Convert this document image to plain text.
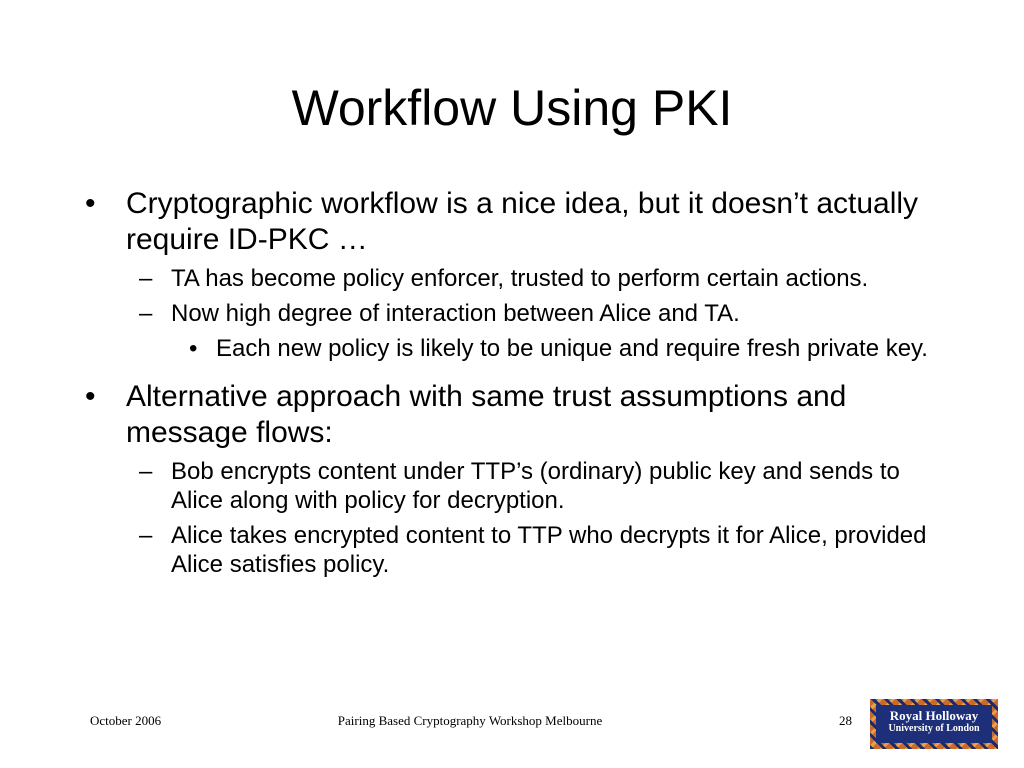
Workflow Using PKI
• Cryptographic workflow is a nice idea, but it doesn’t actually require ID-PKC …
– TA has become policy enforcer, trusted to perform certain actions.
– Now high degree of interaction between Alice and TA.
• Each new policy is likely to be unique and require fresh private key.
• Alternative approach with same trust assumptions and message flows:
– Bob encrypts content under TTP’s (ordinary) public key and sends to Alice along with policy for decryption.
– Alice takes encrypted content to TTP who decrypts it for Alice, provided Alice satisfies policy.
October 2006	Pairing Based Cryptography Workshop Melbourne	28	Royal Holloway
University of London
